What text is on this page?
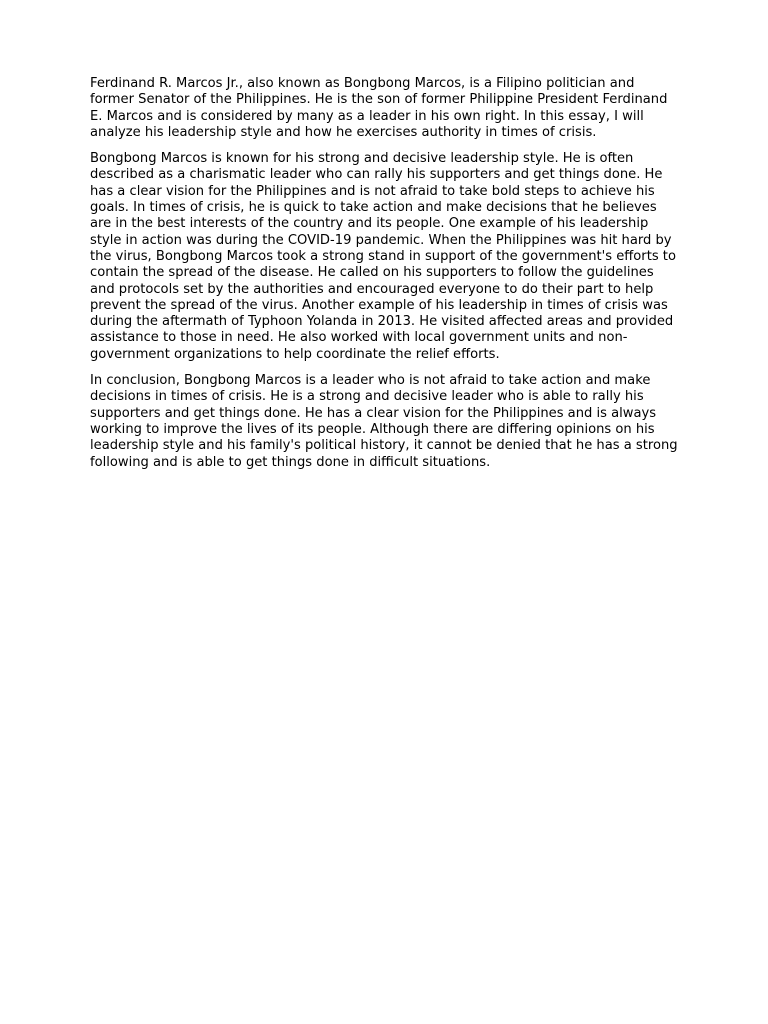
Ferdinand R. Marcos Jr., also known as Bongbong Marcos, is a Filipino politician and former Senator of the Philippines. He is the son of former Philippine President Ferdinand E. Marcos and is considered by many as a leader in his own right. In this essay, I will analyze his leadership style and how he exercises authority in times of crisis.

Bongbong Marcos is known for his strong and decisive leadership style. He is often described as a charismatic leader who can rally his supporters and get things done. He has a clear vision for the Philippines and is not afraid to take bold steps to achieve his goals. In times of crisis, he is quick to take action and make decisions that he believes are in the best interests of the country and its people. One example of his leadership style in action was during the COVID-19 pandemic. When the Philippines was hit hard by the virus, Bongbong Marcos took a strong stand in support of the government's efforts to contain the spread of the disease. He called on his supporters to follow the guidelines and protocols set by the authorities and encouraged everyone to do their part to help prevent the spread of the virus. Another example of his leadership in times of crisis was during the aftermath of Typhoon Yolanda in 2013. He visited affected areas and provided assistance to those in need. He also worked with local government units and non-government organizations to help coordinate the relief efforts.

In conclusion, Bongbong Marcos is a leader who is not afraid to take action and make decisions in times of crisis. He is a strong and decisive leader who is able to rally his supporters and get things done. He has a clear vision for the Philippines and is always working to improve the lives of its people. Although there are differing opinions on his leadership style and his family's political history, it cannot be denied that he has a strong following and is able to get things done in difficult situations.
